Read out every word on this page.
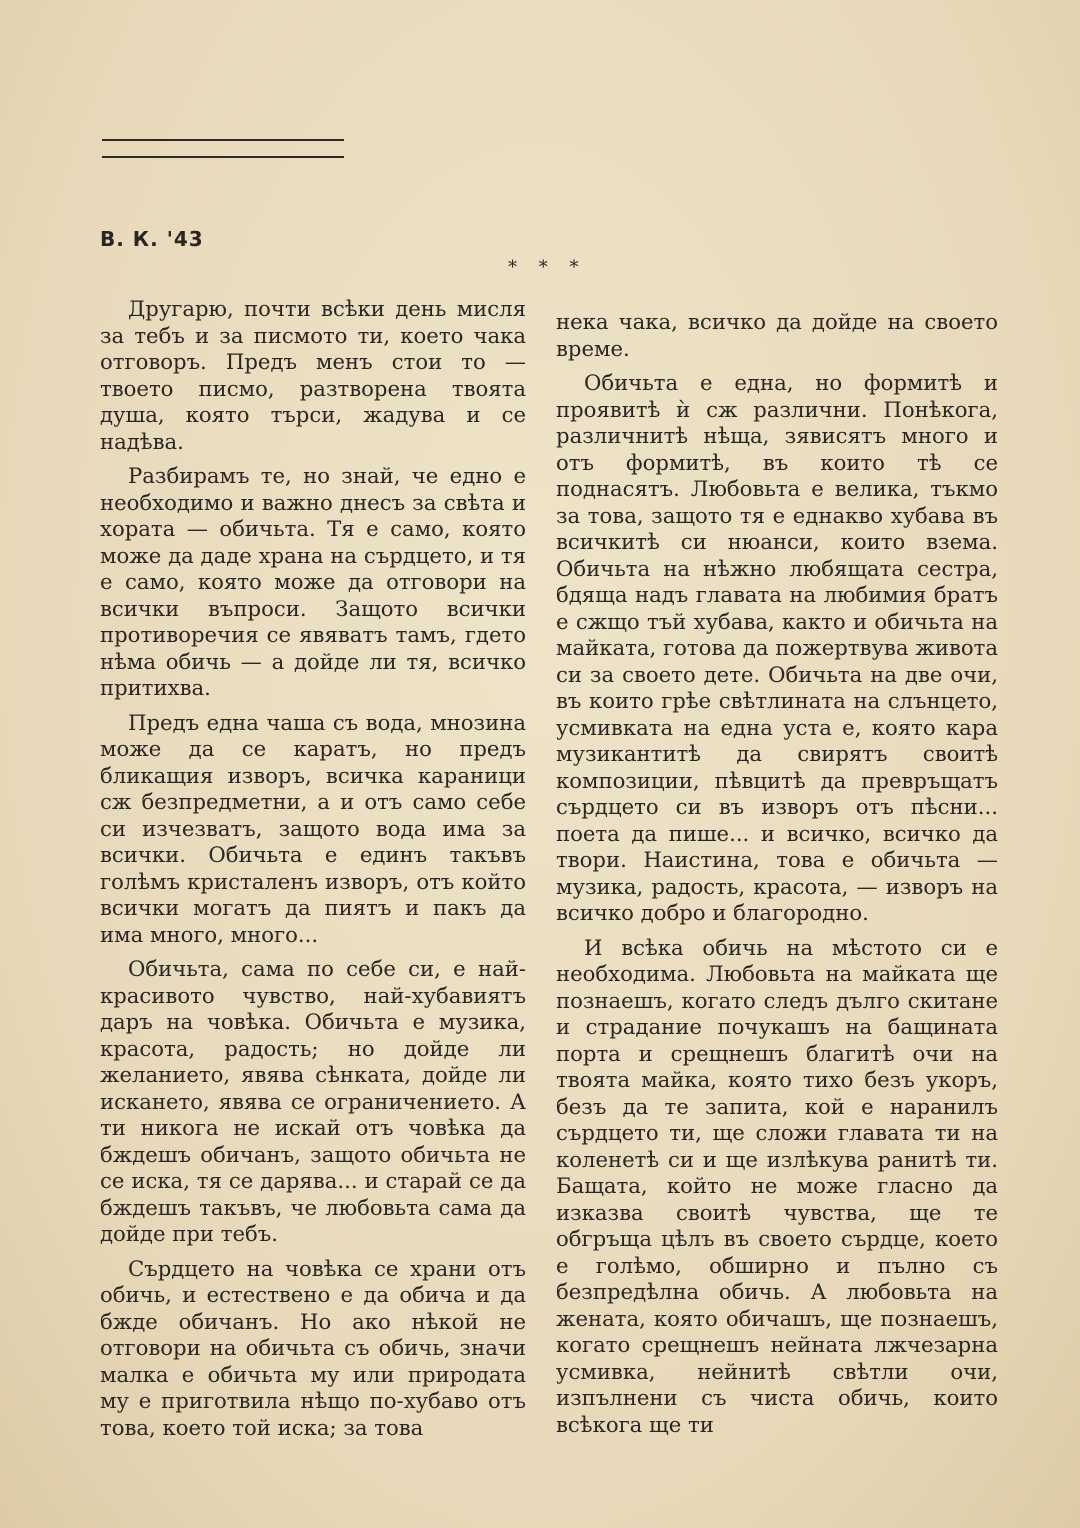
В. К. '43
* * *

Другарю, почти всѣки день мисля за тебъ и за писмото ти, което чака отговоръ. Предъ менъ стои то — твоето писмо, разтворена твоята душа, която търси, жадува и се надѣва.

Разбирамъ те, но знай, че едно е необходимо и важно днесъ за свѣта и хората — обичьта. Тя е само, която може да даде храна на сърдцето, и тя е само, която може да отговори на всички въпроси. Защото всички противоречия се явяватъ тамъ, гдето нѣма обичь — а дойде ли тя, всичко притихва.

Предъ една чаша съ вода, мнозина може да се каратъ, но предъ бликащия изворъ, всичка караници сж безпредметни, а и отъ само себе си изчезватъ, защото вода има за всички. Обичьта е единъ такъвъ голѣмъ кристаленъ изворъ, отъ който всички могатъ да пиятъ и пакъ да има много, много...

Обичьта, сама по себе си, е най-красивото чувство, най-хубавиятъ даръ на човѣка. Обичьта е музика, красота, радость; но дойде ли желанието, явява сѣнката, дойде ли искането, явява се ограничението. А ти никога не искай отъ човѣка да бждешъ обичанъ, защото обичьта не се иска, тя се дарява... и старай се да бждешъ такъвъ, че любовьта сама да дойде при тебъ.

Сърдцето на човѣка се храни отъ обичь, и естествено е да обича и да бжде обичанъ. Но ако нѣкой не отговори на обичьта съ обичь, значи малка е обичьта му или природата му е приготвила нѣщо по-хубаво отъ това, което той иска; за това

нека чака, всичко да дойде на своето време.

Обичьта е една, но формитѣ и проявитѣ ѝ сж различни. Понѣкога, различнитѣ нѣща, зявисятъ много и отъ формитѣ, въ които тѣ се поднасятъ. Любовьта е велика, тъкмо за това, защото тя е еднакво хубава въ всичкитѣ си нюанси, които взема. Обичьта на нѣжно любящата сестра, бдяща надъ главата на любимия братъ е сжщо тъй хубава, както и обичьта на майката, готова да пожертвува живота си за своето дете. Обичьта на две очи, въ които грѣе свѣтлината на слънцето, усмивката на една уста е, която кара музикантитѣ да свирятъ своитѣ композиции, пѣвцитѣ да превръщатъ сърдцето си въ изворъ отъ пѣсни... поета да пише... и всичко, всичко да твори. Наистина, това е обичьта — музика, радость, красота, — изворъ на всичко добро и благородно.

И всѣка обичь на мѣстото си е необходима. Любовьта на майката ще познаешъ, когато следъ дълго скитане и страдание почукашъ на бащината порта и срещнешъ благитѣ очи на твоята майка, която тихо безъ укоръ, безъ да те запита, кой е наранилъ сърдцето ти, ще сложи главата ти на коленетѣ си и ще излѣкува ранитѣ ти. Бащата, който не може гласно да изказва своитѣ чувства, ще те обгръща цѣлъ въ своето сърдце, което е голѣмо, обширно и пълно съ безпредѣлна обичь. А любовьта на жената, която обичашъ, ще познаешъ, когато срещнешъ нейната лжчезарна усмивка, нейнитѣ свѣтли очи, изпълнени съ чиста обичь, които всѣкога ще ти
